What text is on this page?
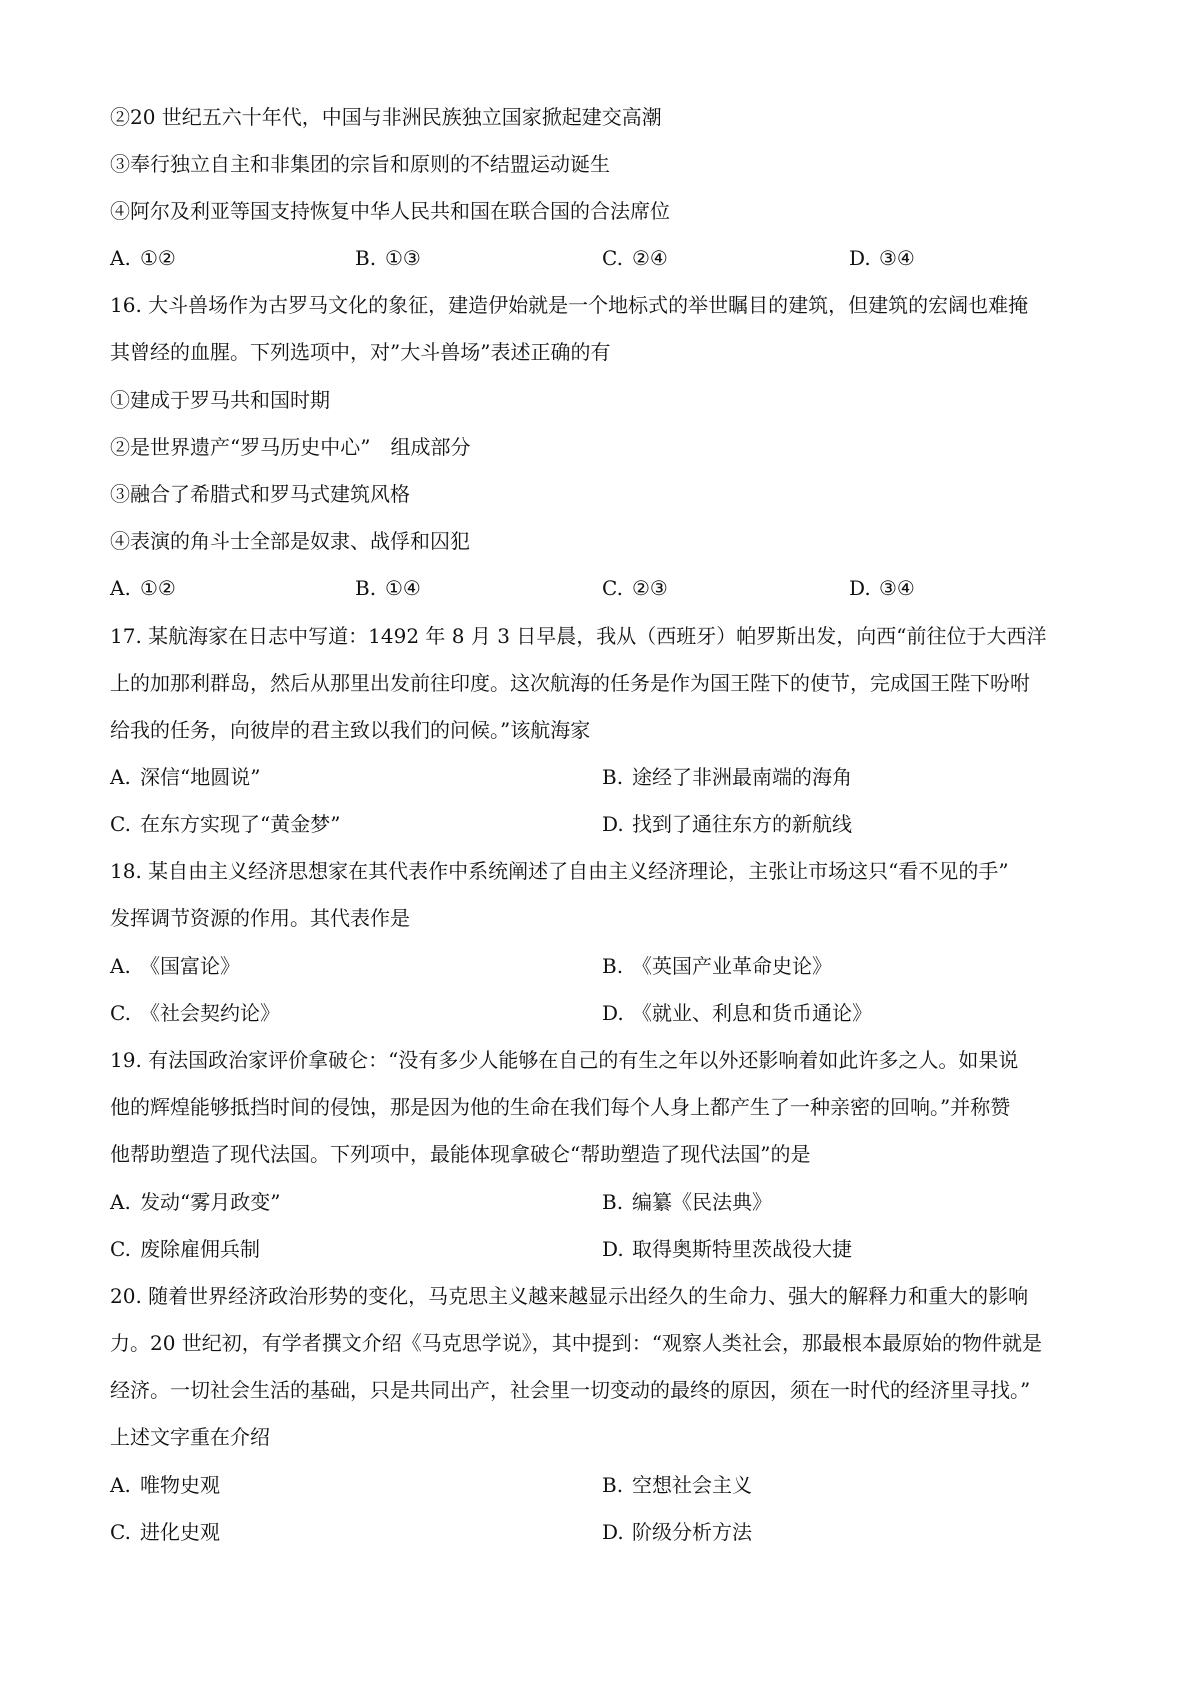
②20 世纪五六十年代，中国与非洲民族独立国家掀起建交高潮
③奉行独立自主和非集团的宗旨和原则的不结盟运动诞生
④阿尔及利亚等国支持恢复中华人民共和国在联合国的合法席位
A. ①②	B. ①③	C. ②④	D. ③④
16. 大斗兽场作为古罗马文化的象征，建造伊始就是一个地标式的举世瞩目的建筑，但建筑的宏阔也难掩
其曾经的血腥。下列选项中，对”大斗兽场”表述正确的有
①建成于罗马共和国时期
②是世界遗产“罗马历史中心”　组成部分
③融合了希腊式和罗马式建筑风格
④表演的角斗士全部是奴隶、战俘和囚犯
A. ①②	B. ①④	C. ②③	D. ③④
17. 某航海家在日志中写道：1492 年 8 月 3 日早晨，我从（西班牙）帕罗斯出发，向西“前往位于大西洋
上的加那利群岛，然后从那里出发前往印度。这次航海的任务是作为国王陛下的使节，完成国王陛下吩咐
给我的任务，向彼岸的君主致以我们的问候。”该航海家
A. 深信“地圆说”	B. 途经了非洲最南端的海角
C. 在东方实现了“黄金梦”	D. 找到了通往东方的新航线
18. 某自由主义经济思想家在其代表作中系统阐述了自由主义经济理论，主张让市场这只“看不见的手”
发挥调节资源的作用。其代表作是
A. 《国富论》	B. 《英国产业革命史论》
C. 《社会契约论》	D. 《就业、利息和货币通论》
19. 有法国政治家评价拿破仑：“没有多少人能够在自己的有生之年以外还影响着如此许多之人。如果说
他的辉煌能够抵挡时间的侵蚀，那是因为他的生命在我们每个人身上都产生了一种亲密的回响。”并称赞
他帮助塑造了现代法国。下列项中，最能体现拿破仑“帮助塑造了现代法国”的是
A. 发动“雾月政变”	B. 编纂《民法典》
C. 废除雇佣兵制	D. 取得奥斯特里茨战役大捷
20. 随着世界经济政治形势的变化，马克思主义越来越显示出经久的生命力、强大的解释力和重大的影响
力。20 世纪初，有学者撰文介绍《马克思学说》，其中提到：“观察人类社会，那最根本最原始的物件就是
经济。一切社会生活的基础，只是共同出产，社会里一切变动的最终的原因，须在一时代的经济里寻找。”
上述文字重在介绍
A. 唯物史观	B. 空想社会主义
C. 进化史观	D. 阶级分析方法
